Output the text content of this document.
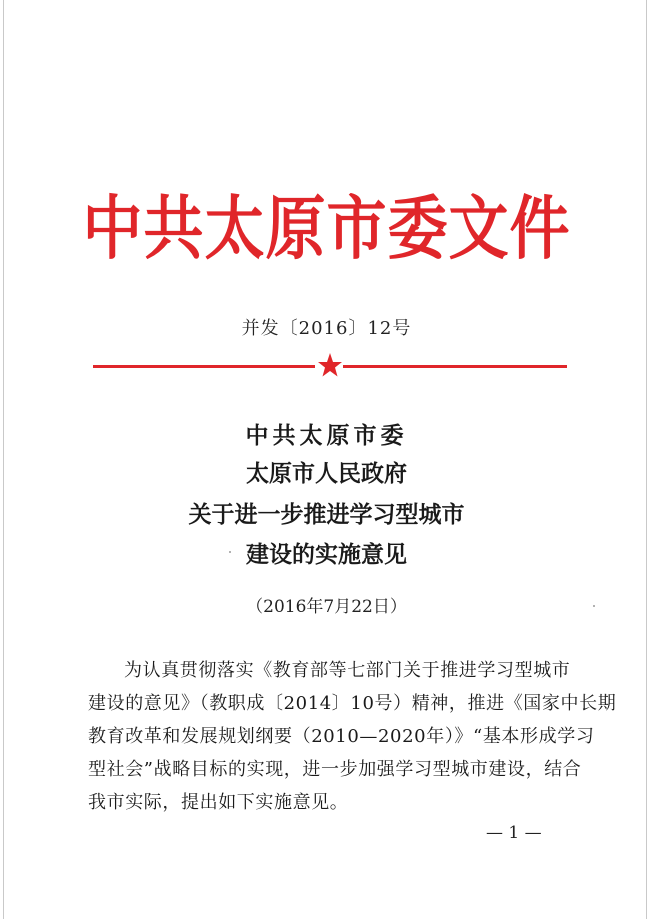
中共太原市委文件
并发〔2016〕12号
中共太原市委
太原市人民政府
关于进一步推进学习型城市
建设的实施意见
（2016年7月22日）
为认真贯彻落实《教育部等七部门关于推进学习型城市
建设的意见》（教职成〔2014〕10号）精神，推进《国家中长期
教育改革和发展规划纲要（2010—2020年）》“基本形成学习
型社会”战略目标的实现，进一步加强学习型城市建设，结合
我市实际，提出如下实施意见。
— 1 —
